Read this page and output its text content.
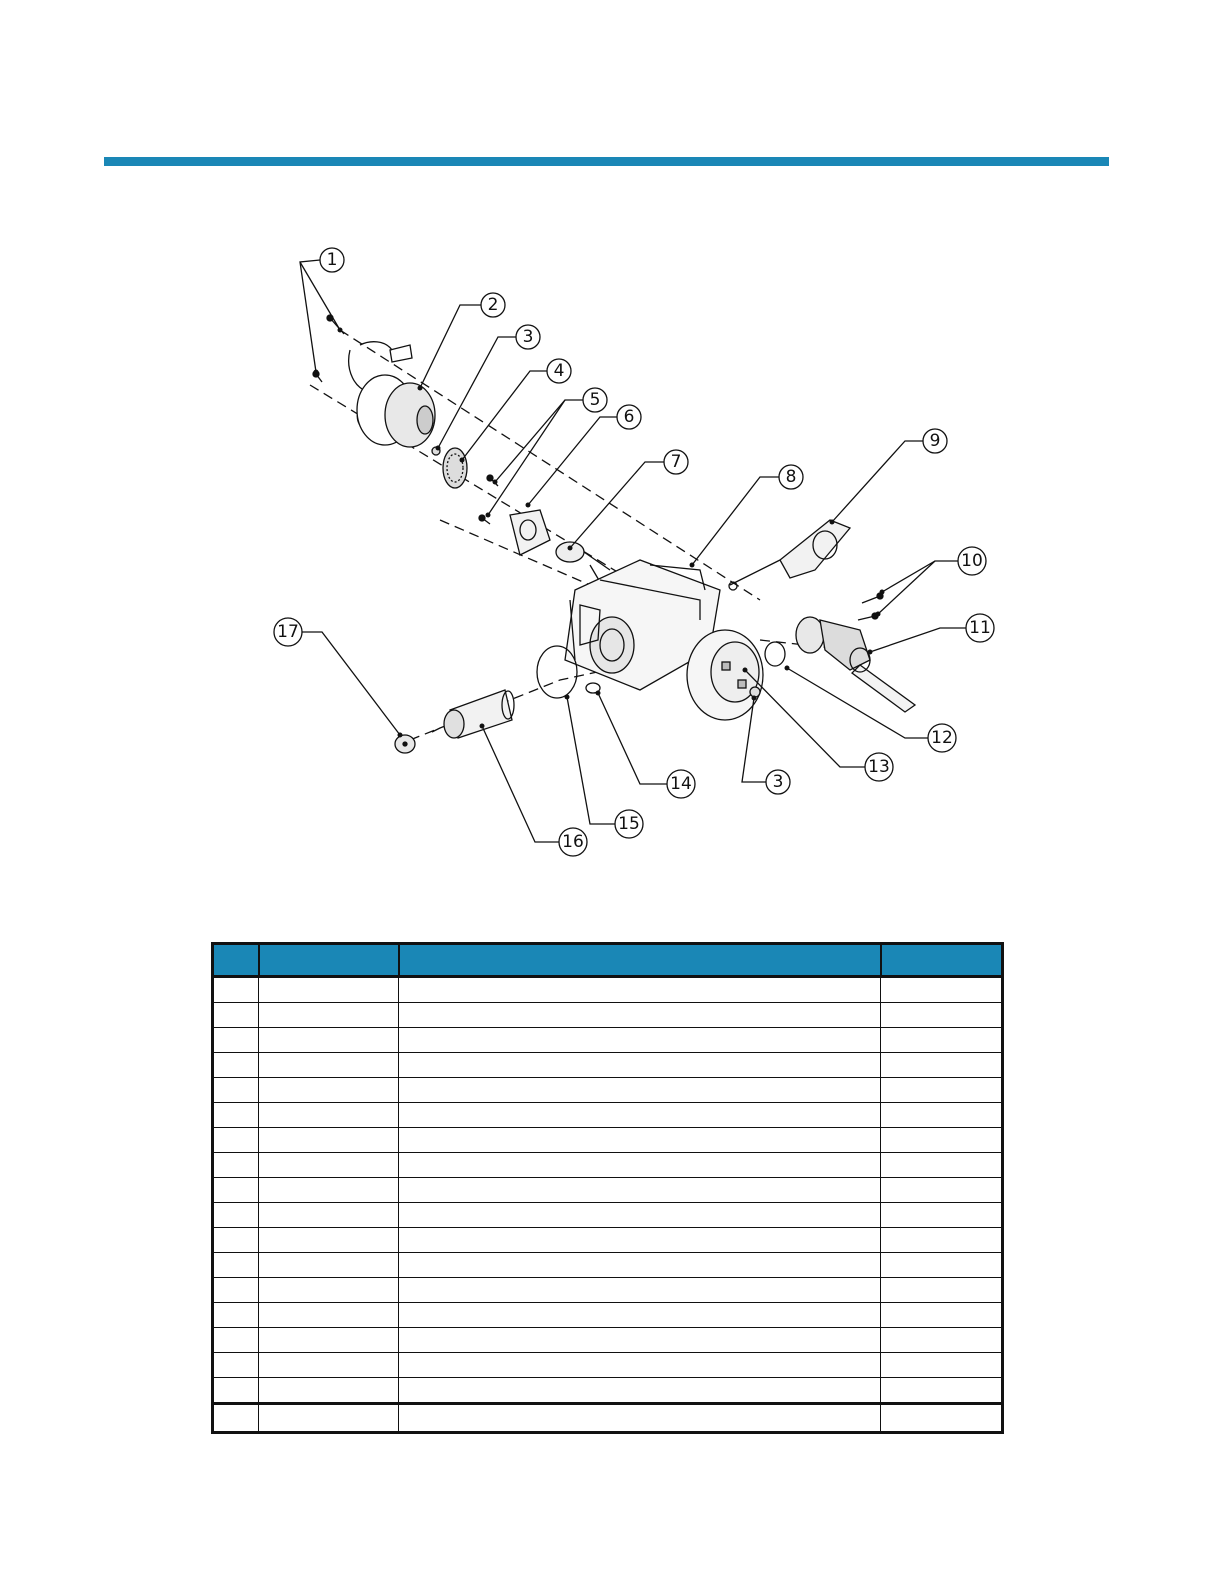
1
2
3
4
5
6
7
8
9
10
11
12
13
14
15
16
17
3
